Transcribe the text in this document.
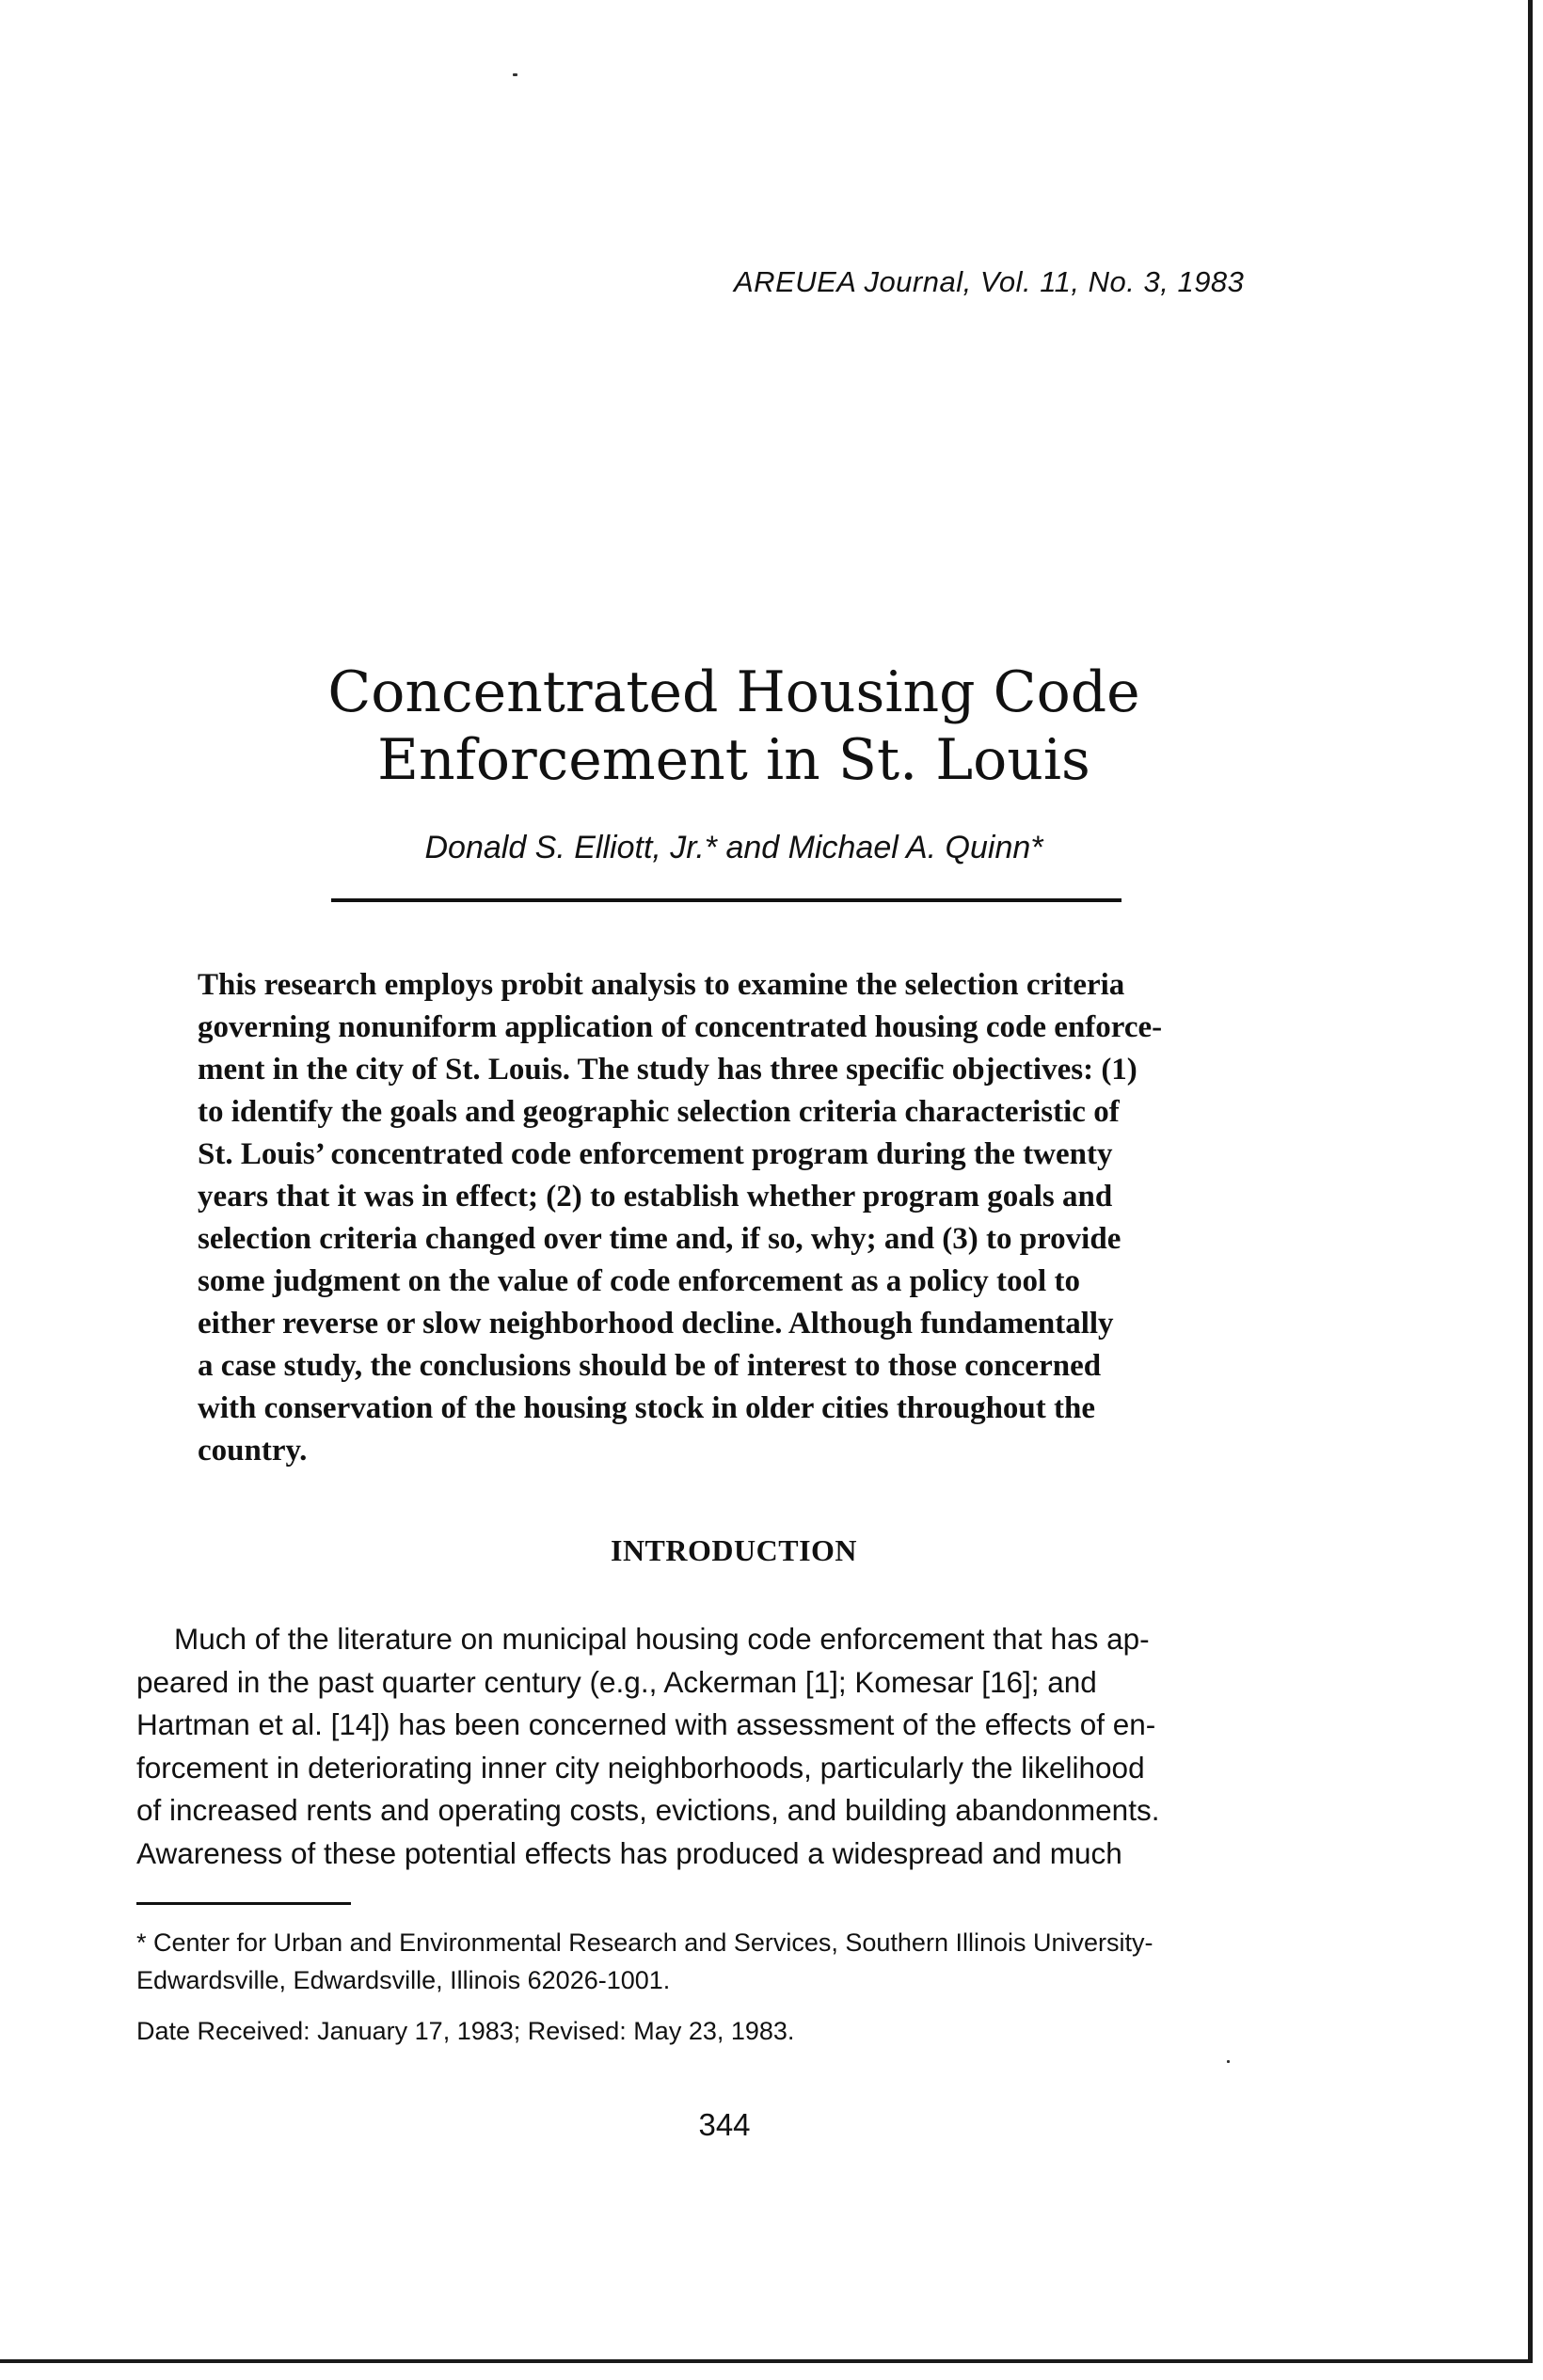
AREUEA Journal, Vol. 11, No. 3, 1983
Concentrated Housing Code
Enforcement in St. Louis
Donald S. Elliott, Jr.* and Michael A. Quinn*
This research employs probit analysis to examine the selection criteria
governing nonuniform application of concentrated housing code enforce-
ment in the city of St. Louis. The study has three specific objectives: (1)
to identify the goals and geographic selection criteria characteristic of
St. Louis’ concentrated code enforcement program during the twenty
years that it was in effect; (2) to establish whether program goals and
selection criteria changed over time and, if so, why; and (3) to provide
some judgment on the value of code enforcement as a policy tool to
either reverse or slow neighborhood decline. Although fundamentally
a case study, the conclusions should be of interest to those concerned
with conservation of the housing stock in older cities throughout the
country.
INTRODUCTION
Much of the literature on municipal housing code enforcement that has ap-
peared in the past quarter century (e.g., Ackerman [1]; Komesar [16]; and
Hartman et al. [14]) has been concerned with assessment of the effects of en-
forcement in deteriorating inner city neighborhoods, particularly the likelihood
of increased rents and operating costs, evictions, and building abandonments.
Awareness of these potential effects has produced a widespread and much
* Center for Urban and Environmental Research and Services, Southern Illinois University-
Edwardsville, Edwardsville, Illinois 62026-1001.
Date Received: January 17, 1983; Revised: May 23, 1983.
344
